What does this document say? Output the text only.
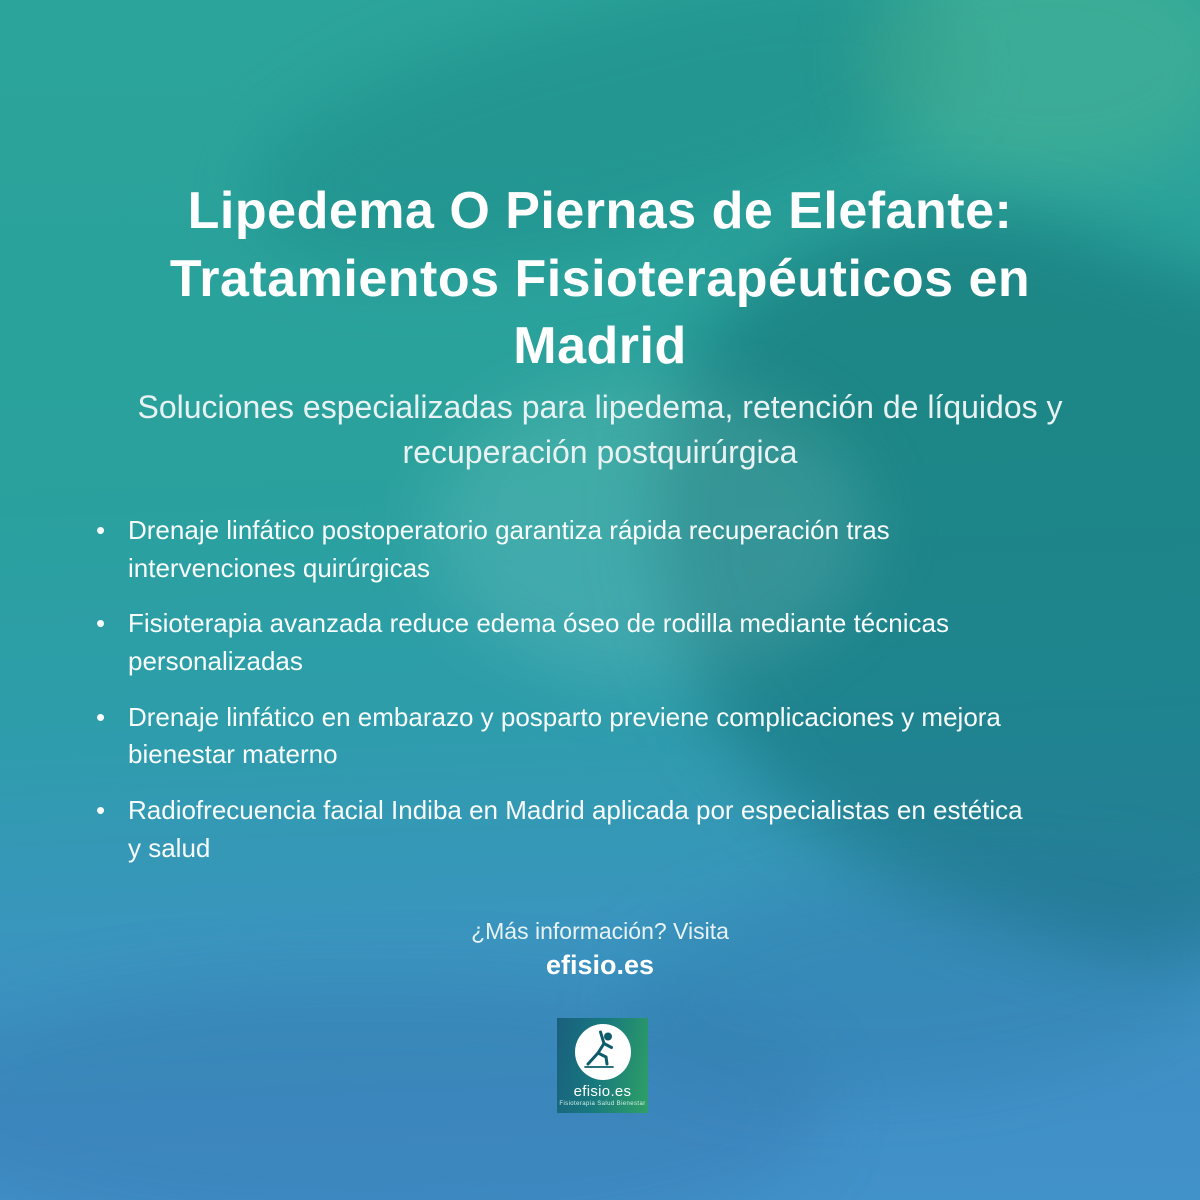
Lipedema O Piernas de Elefante: Tratamientos Fisioterapéuticos en Madrid
Soluciones especializadas para lipedema, retención de líquidos y recuperación postquirúrgica
• Drenaje linfático postoperatorio garantiza rápida recuperación tras intervenciones quirúrgicas
• Fisioterapia avanzada reduce edema óseo de rodilla mediante técnicas personalizadas
• Drenaje linfático en embarazo y posparto previene complicaciones y mejora bienestar materno
• Radiofrecuencia facial Indiba en Madrid aplicada por especialistas en estética y salud
¿Más información? Visita
efisio.es
efisio.es
Fisioterapia Salud Bienestar
